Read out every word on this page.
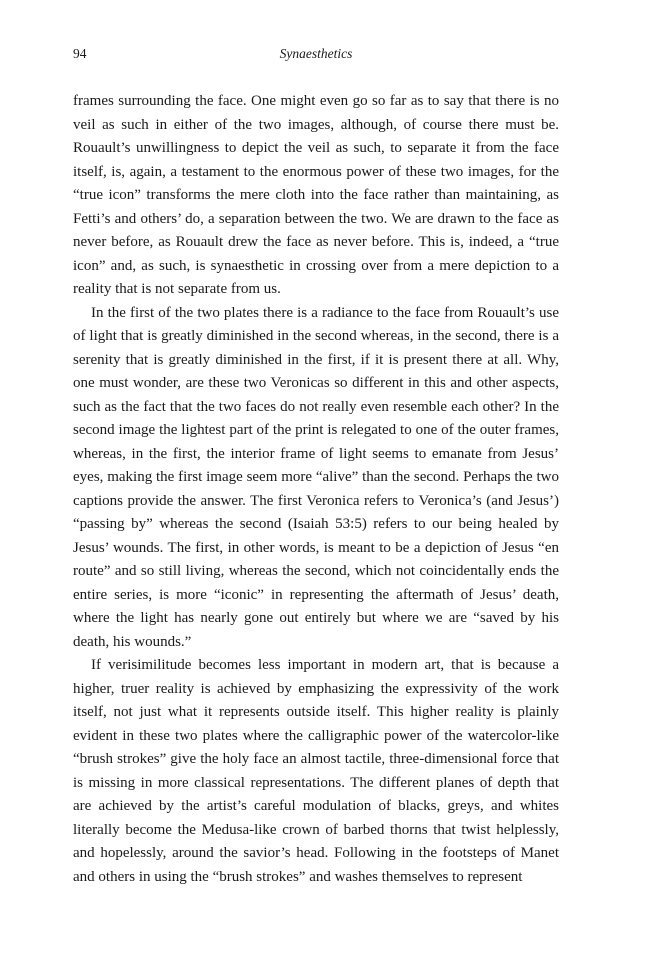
94	Synaesthetics

frames surrounding the face. One might even go so far as to say that there is no veil as such in either of the two images, although, of course there must be. Rouault’s unwillingness to depict the veil as such, to separate it from the face itself, is, again, a testament to the enormous power of these two images, for the “true icon” transforms the mere cloth into the face rather than maintaining, as Fetti’s and others’ do, a separation between the two. We are drawn to the face as never before, as Rouault drew the face as never before. This is, indeed, a “true icon” and, as such, is synaesthetic in crossing over from a mere depiction to a reality that is not separate from us.

In the first of the two plates there is a radiance to the face from Rouault’s use of light that is greatly diminished in the second whereas, in the second, there is a serenity that is greatly diminished in the first, if it is present there at all. Why, one must wonder, are these two Veronicas so different in this and other aspects, such as the fact that the two faces do not really even resemble each other? In the second image the lightest part of the print is relegated to one of the outer frames, whereas, in the first, the interior frame of light seems to emanate from Jesus’ eyes, making the first image seem more “alive” than the second. Perhaps the two captions provide the answer. The first Veronica refers to Veronica’s (and Jesus’) “passing by” whereas the second (Isaiah 53:5) refers to our being healed by Jesus’ wounds. The first, in other words, is meant to be a depiction of Jesus “en route” and so still living, whereas the second, which not coincidentally ends the entire series, is more “iconic” in representing the aftermath of Jesus’ death, where the light has nearly gone out entirely but where we are “saved by his death, his wounds.”

If verisimilitude becomes less important in modern art, that is because a higher, truer reality is achieved by emphasizing the expressivity of the work itself, not just what it represents outside itself. This higher reality is plainly evident in these two plates where the calligraphic power of the watercolor-like “brush strokes” give the holy face an almost tactile, three-dimensional force that is missing in more classical representations. The different planes of depth that are achieved by the artist’s careful modulation of blacks, greys, and whites literally become the Medusa-like crown of barbed thorns that twist helplessly, and hopelessly, around the savior’s head. Following in the footsteps of Manet and others in using the “brush strokes” and washes themselves to represent
